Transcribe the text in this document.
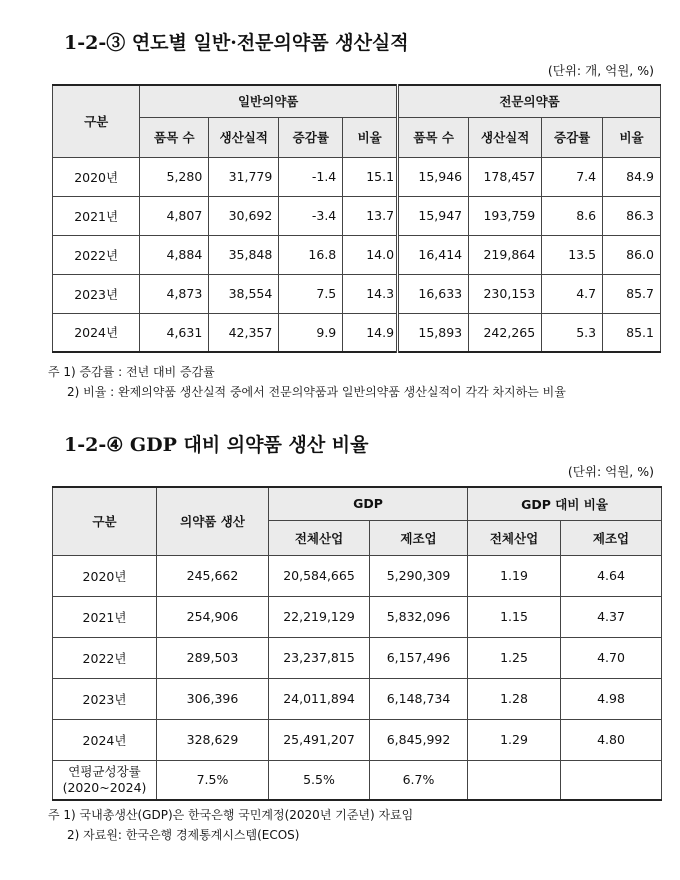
1-2-③ 연도별 일반·전문의약품 생산실적
(단위: 개, 억원, %)
구분	일반의약품				전문의약품			
	품목 수	생산실적	증감률	비율	품목 수	생산실적	증감률	비율
2020년	5,280	31,779	-1.4	15.1	15,946	178,457	7.4	84.9
2021년	4,807	30,692	-3.4	13.7	15,947	193,759	8.6	86.3
2022년	4,884	35,848	16.8	14.0	16,414	219,864	13.5	86.0
2023년	4,873	38,554	7.5	14.3	16,633	230,153	4.7	85.7
2024년	4,631	42,357	9.9	14.9	15,893	242,265	5.3	85.1
주 1) 증감률 : 전년 대비 증감률
2) 비율 : 완제의약품 생산실적 중에서 전문의약품과 일반의약품 생산실적이 각각 차지하는 비율
1-2-④ GDP 대비 의약품 생산 비율
(단위: 억원, %)
구분	의약품 생산	GDP		GDP 대비 비율	
		전체산업	제조업	전체산업	제조업
2020년	245,662	20,584,665	5,290,309	1.19	4.64
2021년	254,906	22,219,129	5,832,096	1.15	4.37
2022년	289,503	23,237,815	6,157,496	1.25	4.70
2023년	306,396	24,011,894	6,148,734	1.28	4.98
2024년	328,629	25,491,207	6,845,992	1.29	4.80

연평균성장률
(2020~2024)	7.5%	5.5%	6.7%		
주 1) 국내총생산(GDP)은 한국은행 국민계정(2020년 기준년) 자료임
2) 자료원: 한국은행 경제통계시스템(ECOS)
